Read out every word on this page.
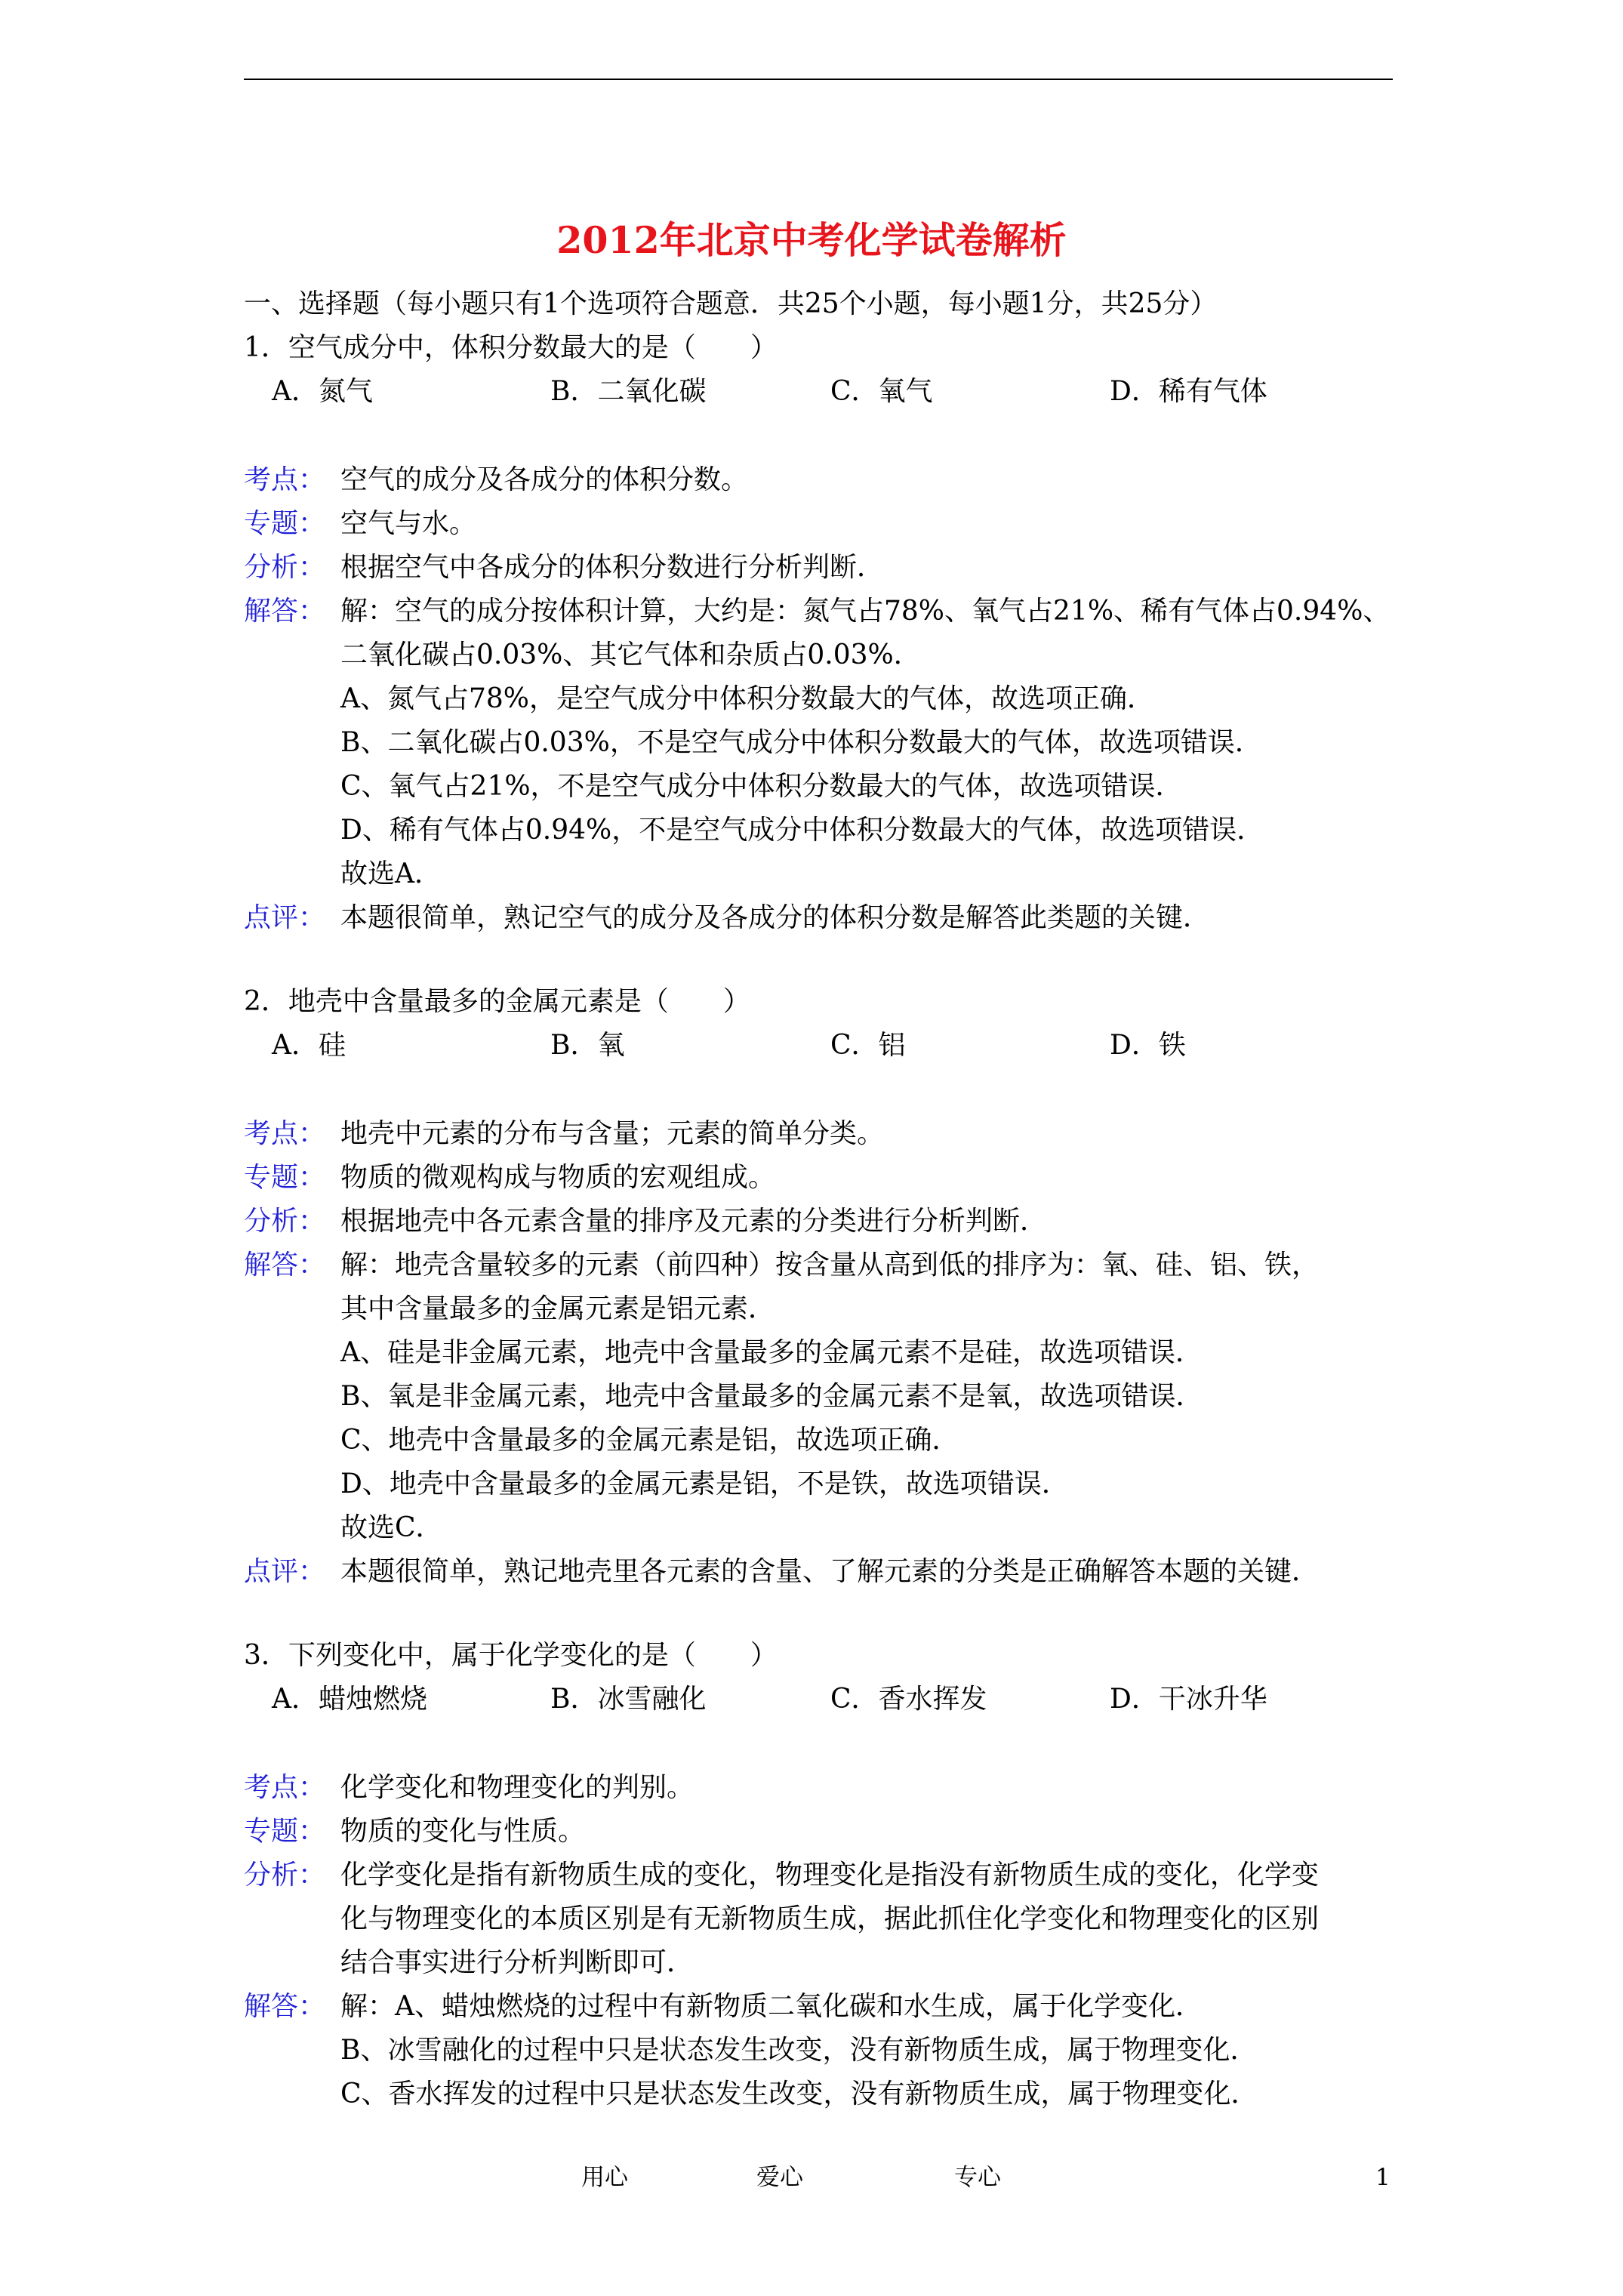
2012年北京中考化学试卷解析
一、选择题（每小题只有1个选项符合题意．共25个小题，每小题1分，共25分）
1．空气成分中，体积分数最大的是（　　）
A．氮气	B．二氧化碳	C．氧气	D．稀有气体
考点： 空气的成分及各成分的体积分数。
专题： 空气与水。
分析： 根据空气中各成分的体积分数进行分析判断．
解答： 解：空气的成分按体积计算，大约是：氮气占78%、氧气占21%、稀有气体占0.94%、
二氧化碳占0.03%、其它气体和杂质占0.03%．
A、氮气占78%，是空气成分中体积分数最大的气体，故选项正确．
B、二氧化碳占0.03%，不是空气成分中体积分数最大的气体，故选项错误．
C、氧气占21%，不是空气成分中体积分数最大的气体，故选项错误．
D、稀有气体占0.94%，不是空气成分中体积分数最大的气体，故选项错误．
故选A．
点评： 本题很简单，熟记空气的成分及各成分的体积分数是解答此类题的关键．
2．地壳中含量最多的金属元素是（　　）
A．硅	B．氧	C．铝	D．铁
考点： 地壳中元素的分布与含量；元素的简单分类。
专题： 物质的微观构成与物质的宏观组成。
分析： 根据地壳中各元素含量的排序及元素的分类进行分析判断．
解答： 解：地壳含量较多的元素（前四种）按含量从高到低的排序为：氧、硅、铝、铁，
其中含量最多的金属元素是铝元素．
A、硅是非金属元素，地壳中含量最多的金属元素不是硅，故选项错误．
B、氧是非金属元素，地壳中含量最多的金属元素不是氧，故选项错误．
C、地壳中含量最多的金属元素是铝，故选项正确．
D、地壳中含量最多的金属元素是铝，不是铁，故选项错误．
故选C．
点评： 本题很简单，熟记地壳里各元素的含量、了解元素的分类是正确解答本题的关键．
3．下列变化中，属于化学变化的是（　　）
A．蜡烛燃烧	B．冰雪融化	C．香水挥发	D．干冰升华
考点： 化学变化和物理变化的判别。
专题： 物质的变化与性质。
分析： 化学变化是指有新物质生成的变化，物理变化是指没有新物质生成的变化，化学变
化与物理变化的本质区别是有无新物质生成，据此抓住化学变化和物理变化的区别
结合事实进行分析判断即可．
解答： 解：A、蜡烛燃烧的过程中有新物质二氧化碳和水生成，属于化学变化．
B、冰雪融化的过程中只是状态发生改变，没有新物质生成，属于物理变化．
C、香水挥发的过程中只是状态发生改变，没有新物质生成，属于物理变化．
用心	爱心	专心	1
